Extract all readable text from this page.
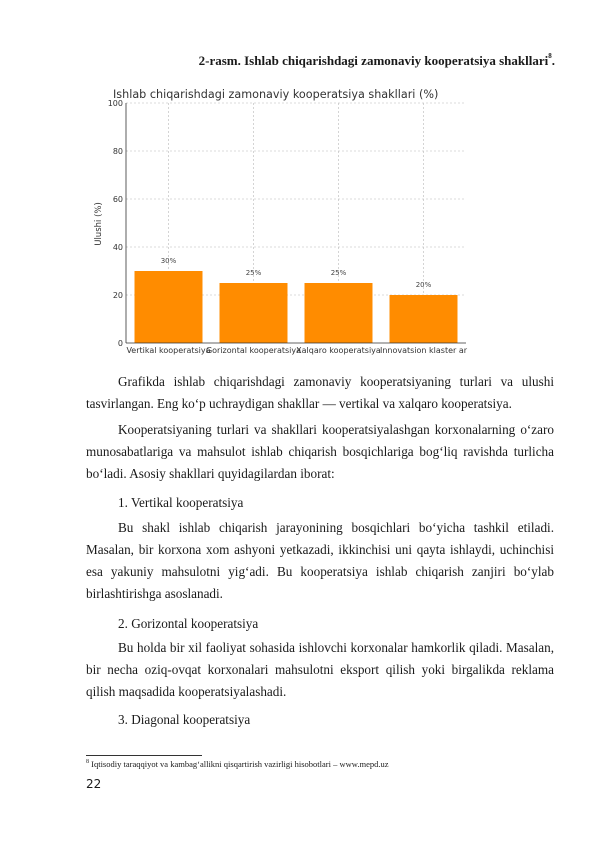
2-rasm. Ishlab chiqarishdagi zamonaviy kooperatsiya shakllari$^8$.
Ishlab chiqarishdagi zamonaviy kooperatsiya shakllari (%)
Ulushi (%)
0
20
40
60
80
100
Vertikal kooperatsiya
Gorizontal kooperatsiya
Xalqaro kooperatsiya Innovatsion klaster ar
30%
25%	25%
20%

Grafikda ishlab chiqarishdagi zamonaviy kooperatsiyaning turlari va ulushi tasvirlangan. Eng ko‘p uchraydigan shakllar — vertikal va xalqaro kooperatsiya.

Kooperatsiyaning turlari va shakllari kooperatsiyalashgan korxonalarning o‘zaro munosabatlariga va mahsulot ishlab chiqarish bosqichlariga bog‘liq ravishda turlicha bo‘ladi. Asosiy shakllari quyidagilardan iborat:

1. Vertikal kooperatsiya

Bu shakl ishlab chiqarish jarayonining bosqichlari bo‘yicha tashkil etiladi. Masalan, bir korxona xom ashyoni yetkazadi, ikkinchisi uni qayta ishlaydi, uchinchisi esa yakuniy mahsulotni yig‘adi. Bu kooperatsiya ishlab chiqarish zanjiri bo‘ylab birlashtirishga asoslanadi.

2. Gorizontal kooperatsiya

Bu holda bir xil faoliyat sohasida ishlovchi korxonalar hamkorlik qiladi. Masalan, bir necha oziq-ovqat korxonalari mahsulotni eksport qilish yoki birgalikda reklama qilish maqsadida kooperatsiyalashadi.

3. Diagonal kooperatsiya
$^8$ Iqtisodiy taraqqiyot va kambag‘allikni qisqartirish vazirligi hisobotlari – www.mepd.uz
22
